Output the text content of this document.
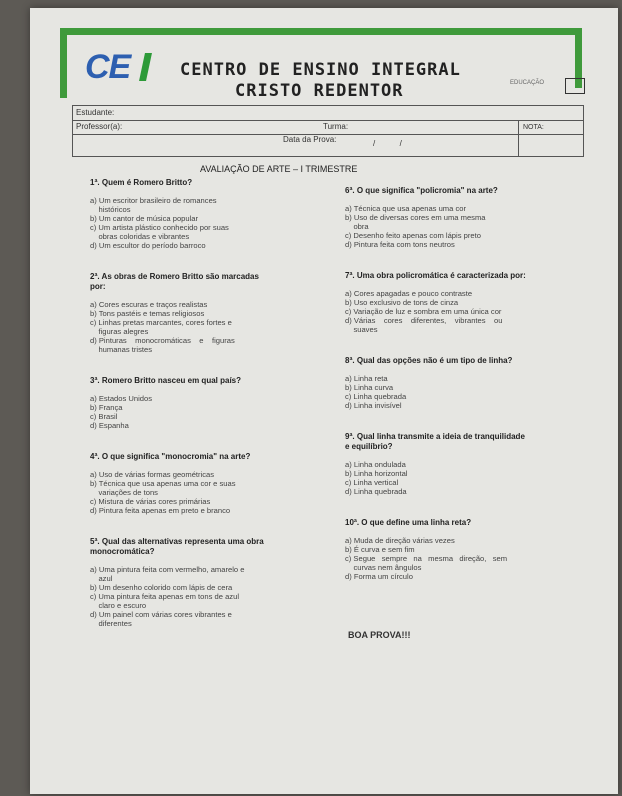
CE	CENTRO DE ENSINO INTEGRAL
CRISTO REDENTOR	EDUCAÇÃO
Estudante:
Professor(a):	Turma:
Data da Prova:	/           /
NOTA:
AVALIAÇÃO DE ARTE – I TRIMESTRE
1ª. Quem é Romero Britto?
a) Um escritor brasileiro de romances
históricos
b) Um cantor de música popular
c) Um artista plástico conhecido por suas
obras coloridas e vibrantes
d) Um escultor do período barroco
2ª. As obras de Romero Britto são marcadas
por:
a) Cores escuras e traços realistas
b) Tons pastéis e temas religiosos
c) Linhas pretas marcantes, cores fortes e
figuras alegres
d) Pinturas    monocromáticas    e    figuras
humanas tristes
3ª. Romero Britto nasceu em qual país?
a) Estados Unidos
b) França
c) Brasil
d) Espanha
4ª. O que significa "monocromia" na arte?
a) Uso de várias formas geométricas
b) Técnica que usa apenas uma cor e suas
variações de tons
c) Mistura de várias cores primárias
d) Pintura feita apenas em preto e branco
5ª. Qual das alternativas representa uma obra
monocromática?
a) Uma pintura feita com vermelho, amarelo e
azul
b) Um desenho colorido com lápis de cera
c) Uma pintura feita apenas em tons de azul
claro e escuro
d) Um painel com várias cores vibrantes e
diferentes
6ª. O que significa "policromia" na arte?
a) Técnica que usa apenas uma cor
b) Uso de diversas cores em uma mesma
obra
c) Desenho feito apenas com lápis preto
d) Pintura feita com tons neutros
7ª. Uma obra policromática é caracterizada por:
a) Cores apagadas e pouco contraste
b) Uso exclusivo de tons de cinza
c) Variação de luz e sombra em uma única cor
d) Várias    cores    diferentes,    vibrantes    ou
suaves
8ª. Qual das opções não é um tipo de linha?
a) Linha reta
b) Linha curva
c) Linha quebrada
d) Linha invisível
9ª. Qual linha transmite a ideia de tranquilidade
e equilíbrio?
a) Linha ondulada
b) Linha horizontal
c) Linha vertical
d) Linha quebrada
10ª. O que define uma linha reta?
a) Muda de direção várias vezes
b) É curva e sem fim
c) Segue   sempre   na   mesma   direção,   sem
curvas nem ângulos
d) Forma um círculo
BOA PROVA!!!
